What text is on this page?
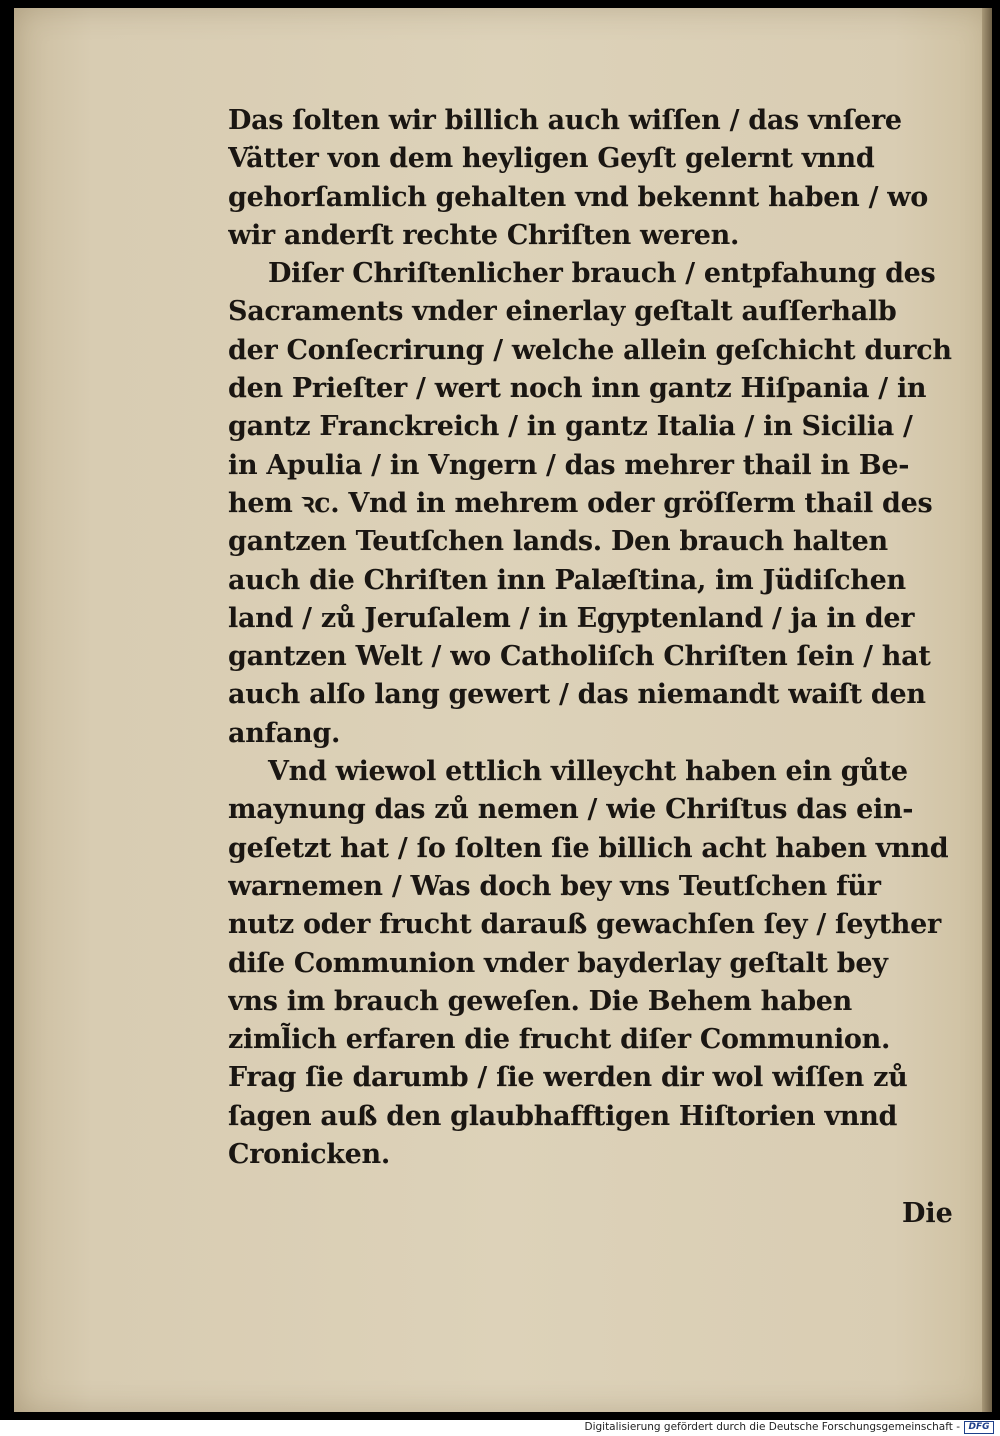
Das ſolten wir billich auch wiſſen / das vnſere
Vätter von dem heyligen Geyſt gelernt vnnd
gehorſamlich gehalten vnd bekennt haben / wo
wir anderſt rechte Chriſten weren.
Diſer Chriſtenlicher brauch / entpfahung des
Sacraments vnder einerlay geſtalt auſſerhalb
der Conſecrirung / welche allein geſchicht durch
den Prieſter / wert noch inn gantz Hiſpania / in
gantz Franckreich / in gantz Italia / in Sicilia /
in Apulia / in Vngern / das mehrer thail in Be-
hem ꝛc. Vnd in mehrem oder gröſſerm thail des
gantzen Teutſchen lands. Den brauch halten
auch die Chriſten inn Palæſtina, im Jüdiſchen
land / zů Jeruſalem / in Egyptenland / ja in der
gantzen Welt / wo Catholiſch Chriſten ſein / hat
auch alſo lang gewert / das niemandt waiſt den
anfang.
Vnd wiewol ettlich villeycht haben ein gůte
maynung das zů nemen / wie Chriſtus das ein-
geſetzt hat / ſo ſolten ſie billich acht haben vnnd
warnemen / Was doch bey vns Teutſchen für
nutz oder frucht darauß gewachſen ſey / ſeyther
diſe Communion vnder bayderlay geſtalt bey
vns im brauch geweſen. Die Behem haben
ziml̃ich erfaren die frucht diſer Communion.
Frag ſie darumb / ſie werden dir wol wiſſen zů
ſagen auß den glaubhafftigen Hiſtorien vnnd
Cronicken.
Die
Digitalisierung gefördert durch die Deutsche Forschungsgemeinschaft - DFG
